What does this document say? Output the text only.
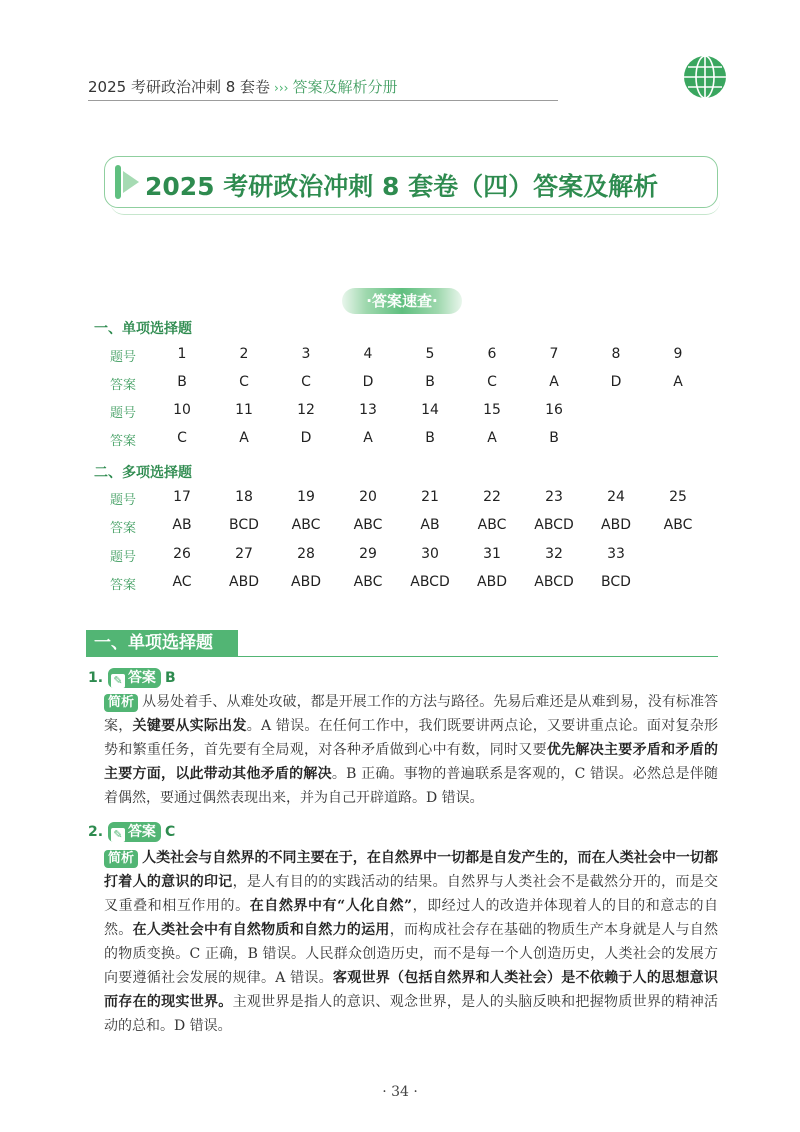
2025 考研政治冲刺 8 套卷 ››› 答案及解析分册
2025 考研政治冲刺 8 套卷（四）答案及解析
·答案速查·
一、单项选择题
二、多项选择题
题号	1	2	3	4	5	6	7	8	9
答案	B	C	C	D	B	C	A	D	A
题号	10	11	12	13	14	15	16
答案	C	A	D	A	B	A	B
题号	17	18	19	20	21	22	23	24	25
答案	AB	BCD	ABC	ABC	AB	ABC	ABCD	ABD	ABC
题号	26	27	28	29	30	31	32	33
答案	AC	ABD	ABD	ABC	ABCD	ABD	ABCD	BCD
一、单项选择题
1. ✎ 答案 B
简析 从易处着手、从难处攻破，都是开展工作的方法与路径。先易后难还是从难到易，没有标准答案，关键要从实际出发。A 错误。在任何工作中，我们既要讲两点论，又要讲重点论。面对复杂形势和繁重任务，首先要有全局观，对各种矛盾做到心中有数，同时又要优先解决主要矛盾和矛盾的主要方面，以此带动其他矛盾的解决。B 正确。事物的普遍联系是客观的，C 错误。必然总是伴随着偶然，要通过偶然表现出来，并为自己开辟道路。D 错误。
2. ✎ 答案 C
简析 人类社会与自然界的不同主要在于，在自然界中一切都是自发产生的，而在人类社会中一切都打着人的意识的印记，是人有目的的实践活动的结果。自然界与人类社会不是截然分开的，而是交叉重叠和相互作用的。在自然界中有“人化自然”，即经过人的改造并体现着人的目的和意志的自然。在人类社会中有自然物质和自然力的运用，而构成社会存在基础的物质生产本身就是人与自然的物质变换。C 正确，B 错误。人民群众创造历史，而不是每一个人创造历史，人类社会的发展方向要遵循社会发展的规律。A 错误。客观世界（包括自然界和人类社会）是不依赖于人的思想意识而存在的现实世界。主观世界是指人的意识、观念世界，是人的头脑反映和把握物质世界的精神活动的总和。D 错误。
· 34 ·
